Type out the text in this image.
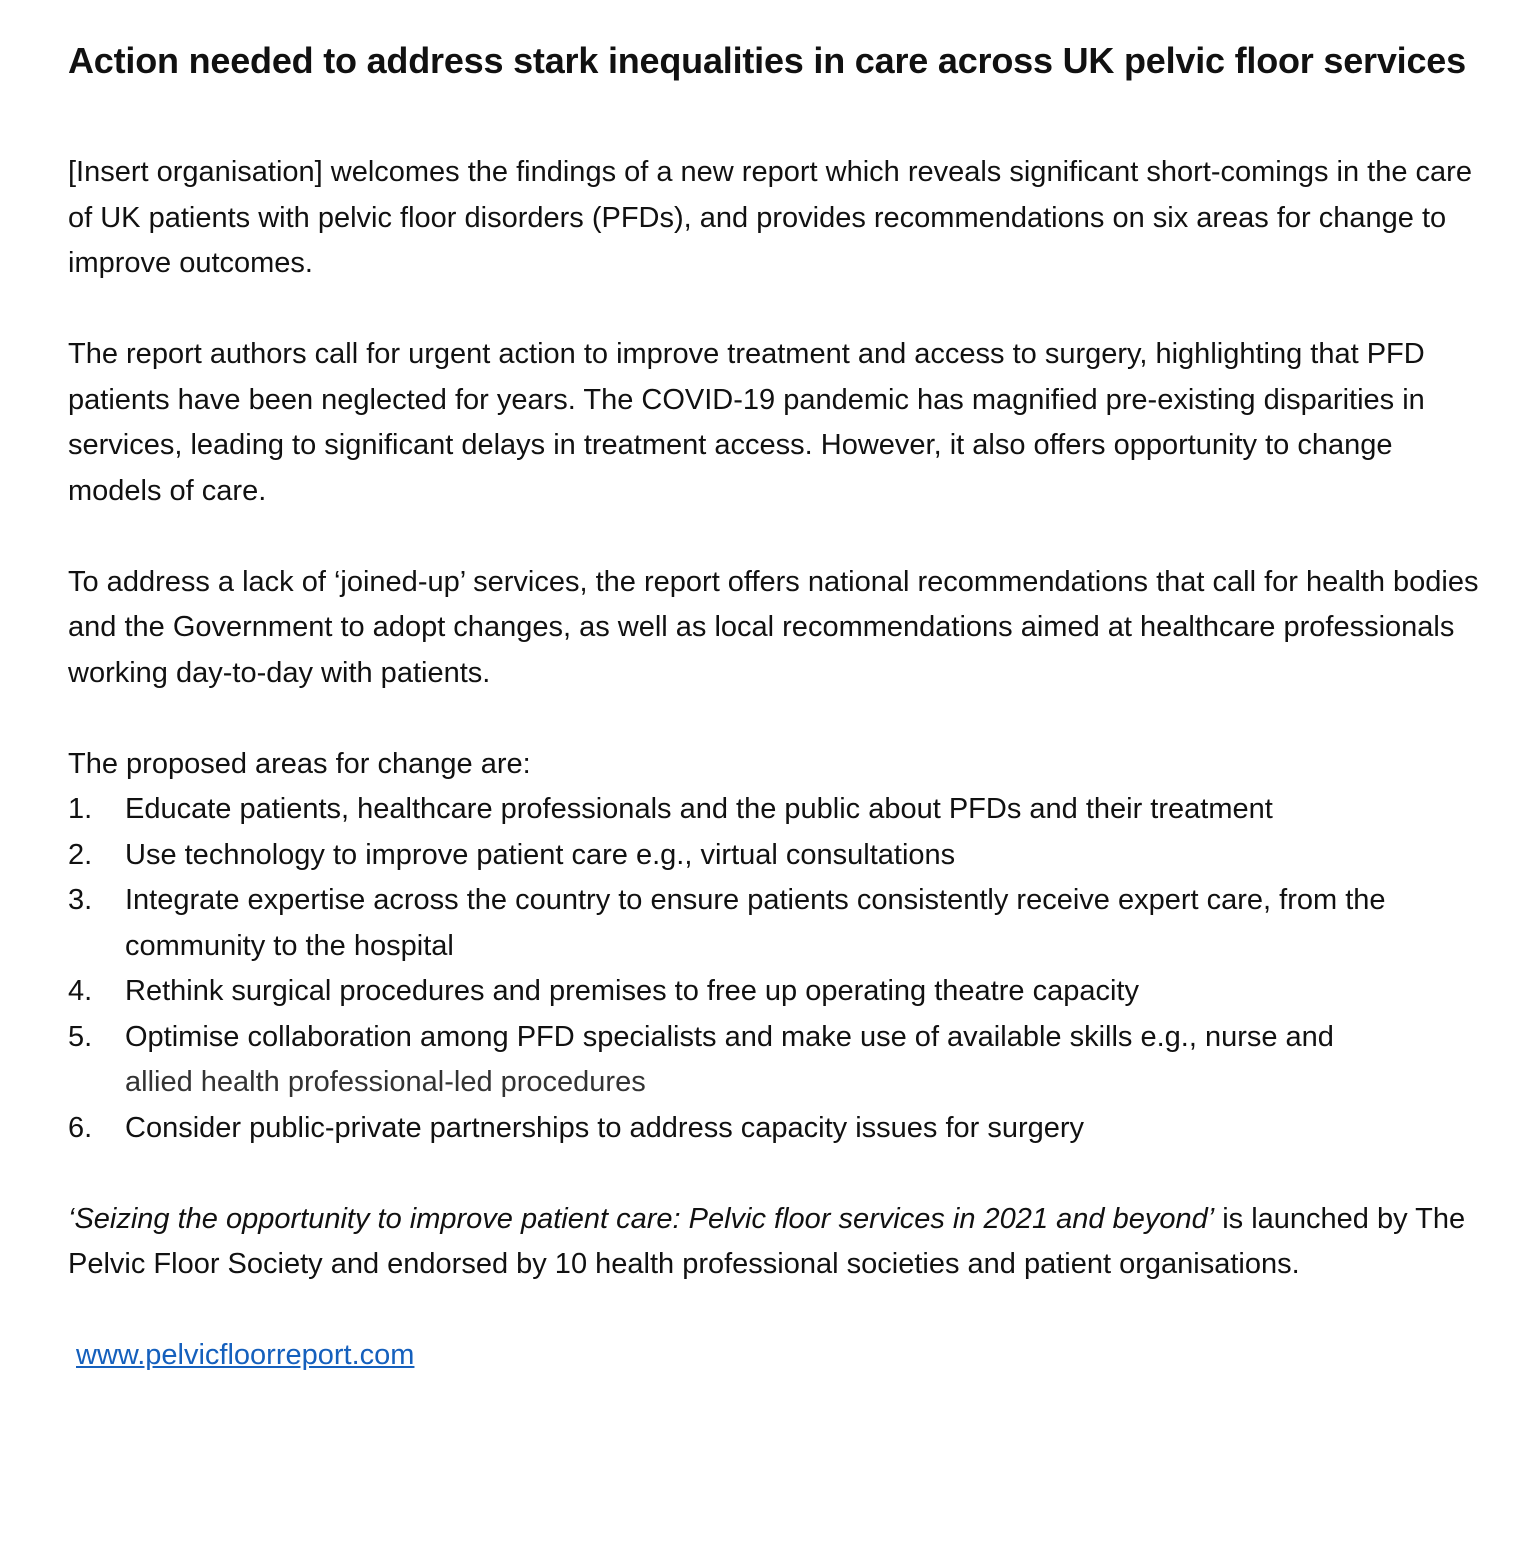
Action needed to address stark inequalities in care across UK pelvic floor services

[Insert organisation] welcomes the findings of a new report which reveals significant short-comings in the care of UK patients with pelvic floor disorders (PFDs), and provides recommendations on six areas for change to improve outcomes.

The report authors call for urgent action to improve treatment and access to surgery, highlighting that PFD patients have been neglected for years. The COVID-19 pandemic has magnified pre-existing disparities in services, leading to significant delays in treatment access. However, it also offers opportunity to change models of care.

To address a lack of ‘joined-up’ services, the report offers national recommendations that call for health bodies and the Government to adopt changes, as well as local recommendations aimed at healthcare professionals working day-to-day with patients.

The proposed areas for change are:

1. Educate patients, healthcare professionals and the public about PFDs and their treatment
2. Use technology to improve patient care e.g., virtual consultations
3. Integrate expertise across the country to ensure patients consistently receive expert care, from the community to the hospital
4. Rethink surgical procedures and premises to free up operating theatre capacity
5. Optimise collaboration among PFD specialists and make use of available skills e.g., nurse and
allied health professional-led procedures
6. Consider public-private partnerships to address capacity issues for surgery

‘Seizing the opportunity to improve patient care: Pelvic floor services in 2021 and beyond’ is launched by The Pelvic Floor Society and endorsed by 10 health professional societies and patient organisations.

www.pelvicfloorreport.com
